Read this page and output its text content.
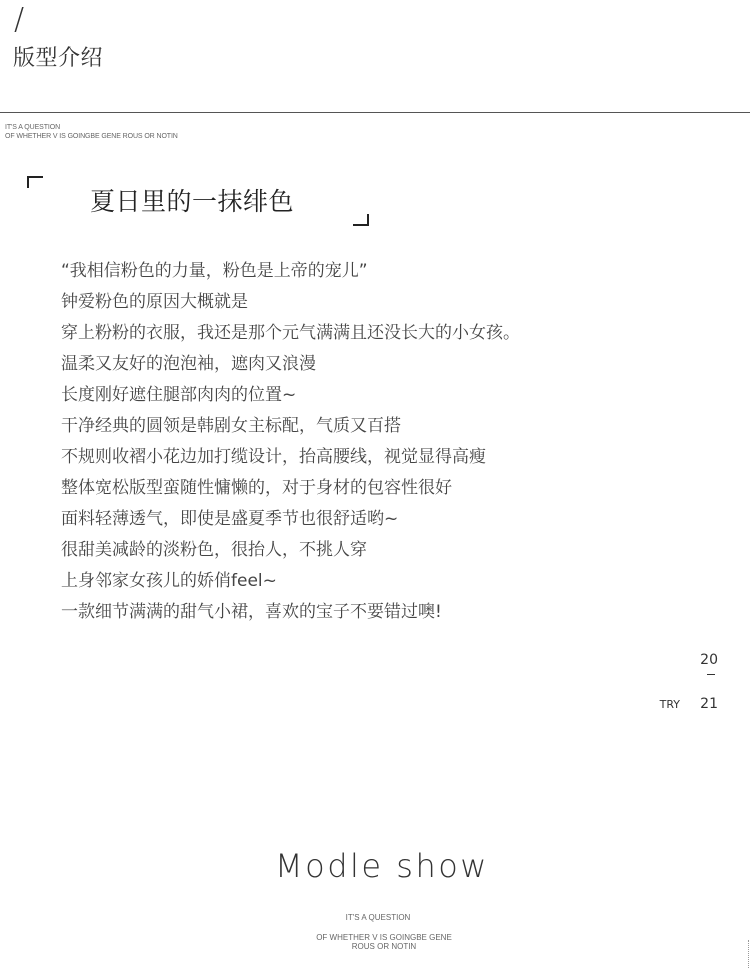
/
版型介绍
IT'S A QUESTION
OF WHETHER V IS GOINGBE GENE ROUS OR NOTIN
夏日里的一抹绯色
“我相信粉色的力量，粉色是上帝的宠儿”
钟爱粉色的原因大概就是
穿上粉粉的衣服，我还是那个元气满满且还没长大的小女孩。
温柔又友好的泡泡袖，遮肉又浪漫
长度刚好遮住腿部肉肉的位置~
干净经典的圆领是韩剧女主标配，气质又百搭
不规则收褶小花边加打缆设计，抬高腰线，视觉显得高瘦
整体宽松版型蛮随性慵懒的，对于身材的包容性很好
面料轻薄透气，即使是盛夏季节也很舒适哟~
很甜美减龄的淡粉色，很抬人，不挑人穿
上身邻家女孩儿的娇俏feel~
一款细节满满的甜气小裙，喜欢的宝子不要错过噢!
20
TRY 21
Modle show
IT'S A QUESTION
OF WHETHER V IS GOINGBE GENE
ROUS OR NOTIN
